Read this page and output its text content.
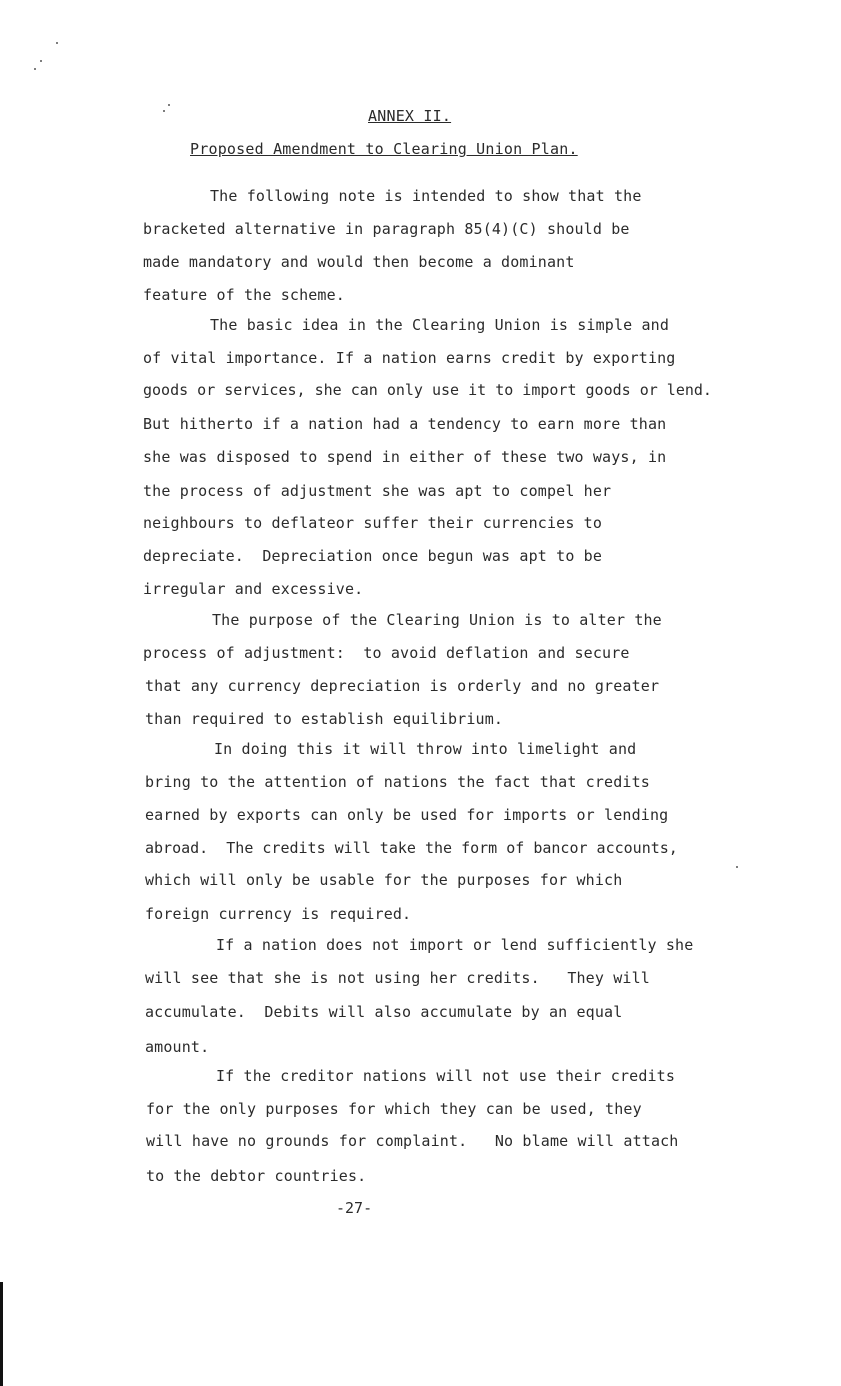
ANNEX II.
Proposed Amendment to Clearing Union Plan.
The following note is intended to show that the
bracketed alternative in paragraph 85(4)(C) should be
made mandatory and would then become a dominant
feature of the scheme.
The basic idea in the Clearing Union is simple and
of vital importance. If a nation earns credit by exporting
goods or services, she can only use it to import goods or lend.
But hitherto if a nation had a tendency to earn more than
she was disposed to spend in either of these two ways, in
the process of adjustment she was apt to compel her
neighbours to deflateor suffer their currencies to
depreciate.  Depreciation once begun was apt to be
irregular and excessive.
The purpose of the Clearing Union is to alter the
process of adjustment:  to avoid deflation and secure
that any currency depreciation is orderly and no greater
than required to establish equilibrium.
In doing this it will throw into limelight and
bring to the attention of nations the fact that credits
earned by exports can only be used for imports or lending
abroad.  The credits will take the form of bancor accounts,
which will only be usable for the purposes for which
foreign currency is required.
If a nation does not import or lend sufficiently she
will see that she is not using her credits.   They will
accumulate.  Debits will also accumulate by an equal
amount.
If the creditor nations will not use their credits
for the only purposes for which they can be used, they
will have no grounds for complaint.   No blame will attach
to the debtor countries.
-27-
